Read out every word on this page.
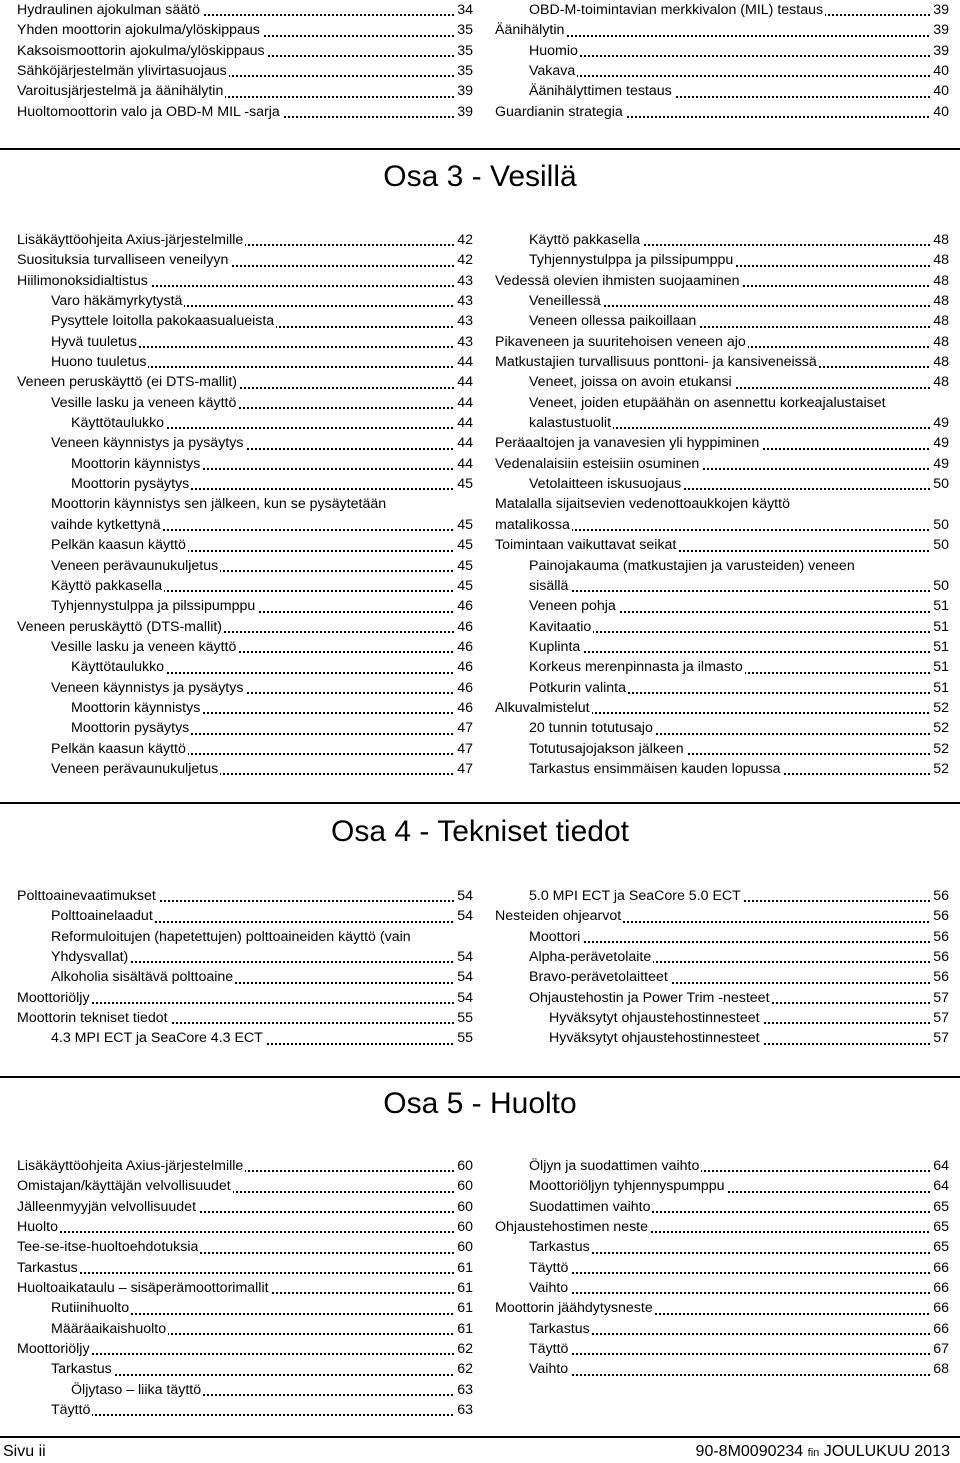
Hydraulinen ajokulman säätö	34
Yhden moottorin ajokulma/ylöskippaus	35
Kaksoismoottorin ajokulma/ylöskippaus	35
Sähköjärjestelmän ylivirtasuojaus	35
Varoitusjärjestelmä ja äänihälytin	39
Huoltomoottorin valo ja OBD-M MIL -sarja	39
OBD-M-toimintavian merkkivalon (MIL) testaus	39
Äänihälytin	39
Huomio	39
Vakava	40
Äänihälyttimen testaus	40
Guardianin strategia	40
Osa 3 - Vesillä
Lisäkäyttöohjeita Axius-järjestelmille	42
Suosituksia turvalliseen veneilyyn	42
Hiilimonoksidialtistus	43
Varo häkämyrkytystä	43
Pysyttele loitolla pakokaasualueista	43
Hyvä tuuletus	43
Huono tuuletus	44
Veneen peruskäyttö (ei DTS-mallit)	44
Vesille lasku ja veneen käyttö	44
Käyttötaulukko	44
Veneen käynnistys ja pysäytys	44
Moottorin käynnistys	44
Moottorin pysäytys	45
Moottorin käynnistys sen jälkeen, kun se pysäytetään
vaihde kytkettynä	45
Pelkän kaasun käyttö	45
Veneen perävaunukuljetus	45
Käyttö pakkasella	45
Tyhjennystulppa ja pilssipumppu	46
Veneen peruskäyttö (DTS-mallit)	46
Vesille lasku ja veneen käyttö	46
Käyttötaulukko	46
Veneen käynnistys ja pysäytys	46
Moottorin käynnistys	46
Moottorin pysäytys	47
Pelkän kaasun käyttö	47
Veneen perävaunukuljetus	47
Käyttö pakkasella	48
Tyhjennystulppa ja pilssipumppu	48
Vedessä olevien ihmisten suojaaminen	48
Veneillessä	48
Veneen ollessa paikoillaan	48
Pikaveneen ja suuritehoisen veneen ajo	48
Matkustajien turvallisuus ponttoni- ja kansiveneissä	48
Veneet, joissa on avoin etukansi	48
Veneet, joiden etupäähän on asennettu korkeajalustaiset
kalastustuolit	49
Peräaaltojen ja vanavesien yli hyppiminen	49
Vedenalaisiin esteisiin osuminen	49
Vetolaitteen iskusuojaus	50
Matalalla sijaitsevien vedenottoaukkojen käyttö
matalikossa	50
Toimintaan vaikuttavat seikat	50
Painojakauma (matkustajien ja varusteiden) veneen
sisällä	50
Veneen pohja	51
Kavitaatio	51
Kuplinta	51
Korkeus merenpinnasta ja ilmasto	51
Potkurin valinta	51
Alkuvalmistelut	52
20 tunnin totutusajo	52
Totutusajojakson jälkeen	52
Tarkastus ensimmäisen kauden lopussa	52
Osa 4 - Tekniset tiedot
Polttoainevaatimukset	54
Polttoainelaadut	54
Reformuloitujen (hapetettujen) polttoaineiden käyttö (vain
Yhdysvallat)	54
Alkoholia sisältävä polttoaine	54
Moottoriöljy	54
Moottorin tekniset tiedot	55
4.3 MPI ECT ja SeaCore 4.3 ECT	55
5.0 MPI ECT ja SeaCore 5.0 ECT	56
Nesteiden ohjearvot	56
Moottori	56
Alpha-perävetolaite	56
Bravo-perävetolaitteet	56
Ohjaustehostin ja Power Trim -nesteet	57
Hyväksytyt ohjaustehostinnesteet	57
Hyväksytyt ohjaustehostinnesteet	57
Osa 5 - Huolto
Lisäkäyttöohjeita Axius-järjestelmille	60
Omistajan/käyttäjän velvollisuudet	60
Jälleenmyyjän velvollisuudet	60
Huolto	60
Tee-se-itse-huoltoehdotuksia	60
Tarkastus	61
Huoltoaikataulu – sisäperämoottorimallit	61
Rutiinihuolto	61
Määräaikaishuolto	61
Moottoriöljy	62
Tarkastus	62
Öljytaso – liika täyttö	63
Täyttö	63
Öljyn ja suodattimen vaihto	64
Moottoriöljyn tyhjennyspumppu	64
Suodattimen vaihto	65
Ohjaustehostimen neste	65
Tarkastus	65
Täyttö	66
Vaihto	66
Moottorin jäähdytysneste	66
Tarkastus	66
Täyttö	67
Vaihto	68
Sivu ii	90-8M0090234 fin JOULUKUU 2013
